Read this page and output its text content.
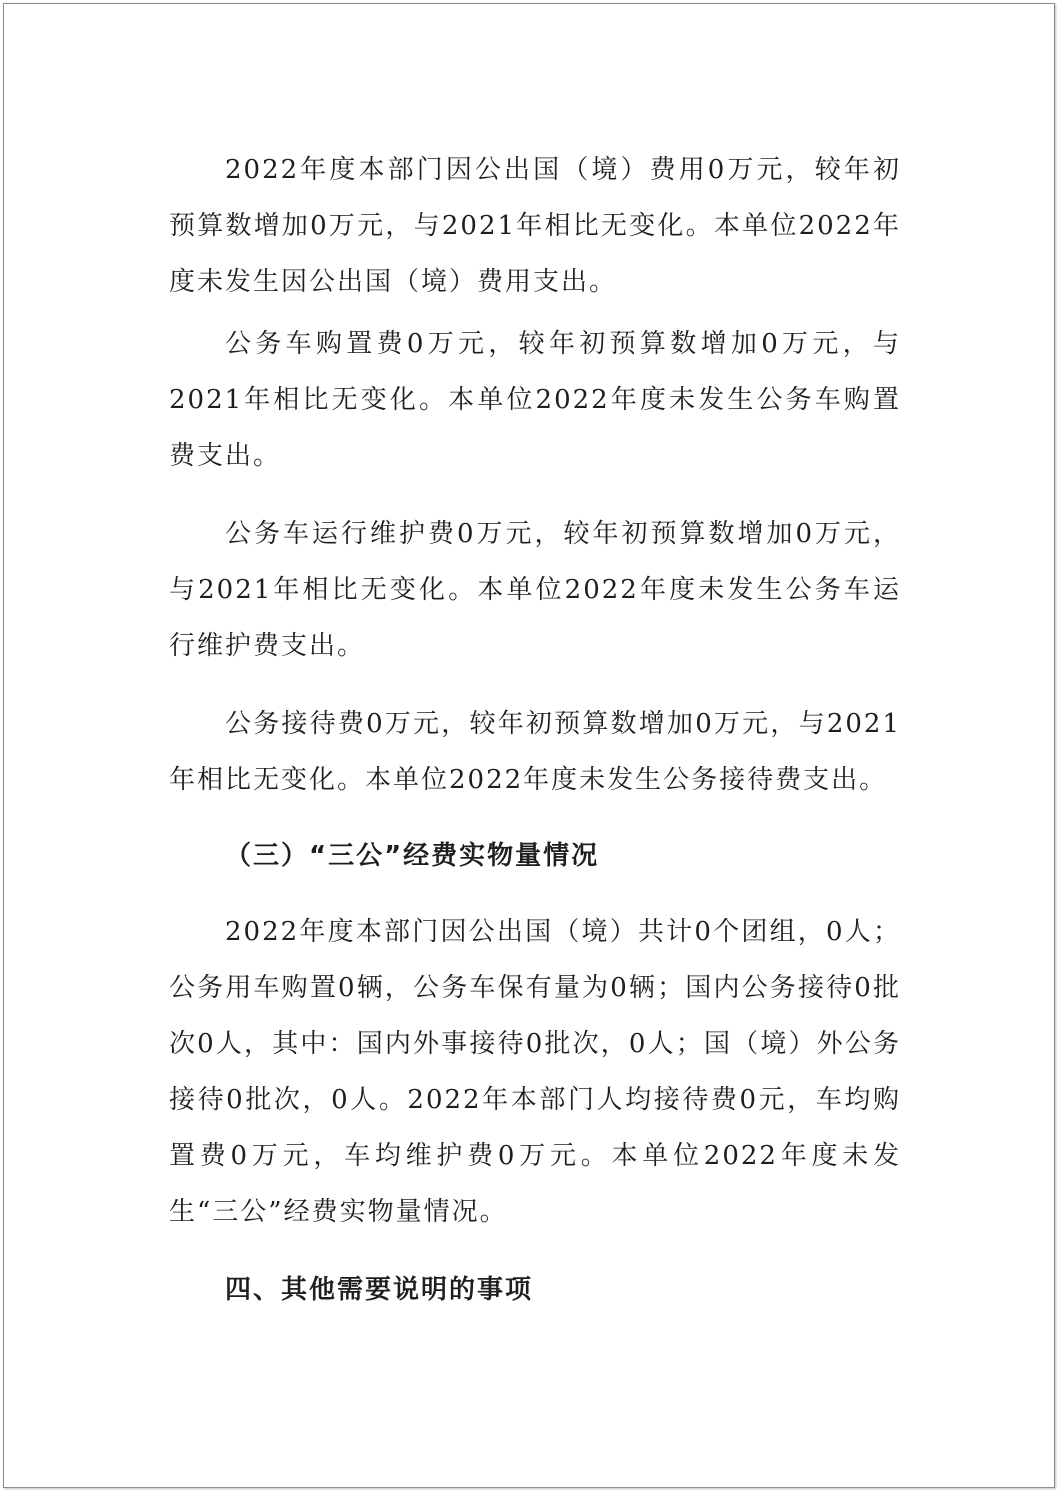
2022年度本部门因公出国（境）费用0万元，较年初预算数增加0万元，与2021年相比无变化。本单位2022年度未发生因公出国（境）费用支出。

公务车购置费0万元，较年初预算数增加0万元，与2021年相比无变化。本单位2022年度未发生公务车购置费支出。

公务车运行维护费0万元，较年初预算数增加0万元，与2021年相比无变化。本单位2022年度未发生公务车运行维护费支出。

公务接待费0万元，较年初预算数增加0万元，与2021年相比无变化。本单位2022年度未发生公务接待费支出。

（三）“三公”经费实物量情况

2022年度本部门因公出国（境）共计0个团组，0人；公务用车购置0辆，公务车保有量为0辆；国内公务接待0批次0人，其中：国内外事接待0批次，0人；国（境）外公务接待0批次，0人。2022年本部门人均接待费0元，车均购置费0万元，车均维护费0万元。本单位2022年度未发生“三公”经费实物量情况。

四、其他需要说明的事项
